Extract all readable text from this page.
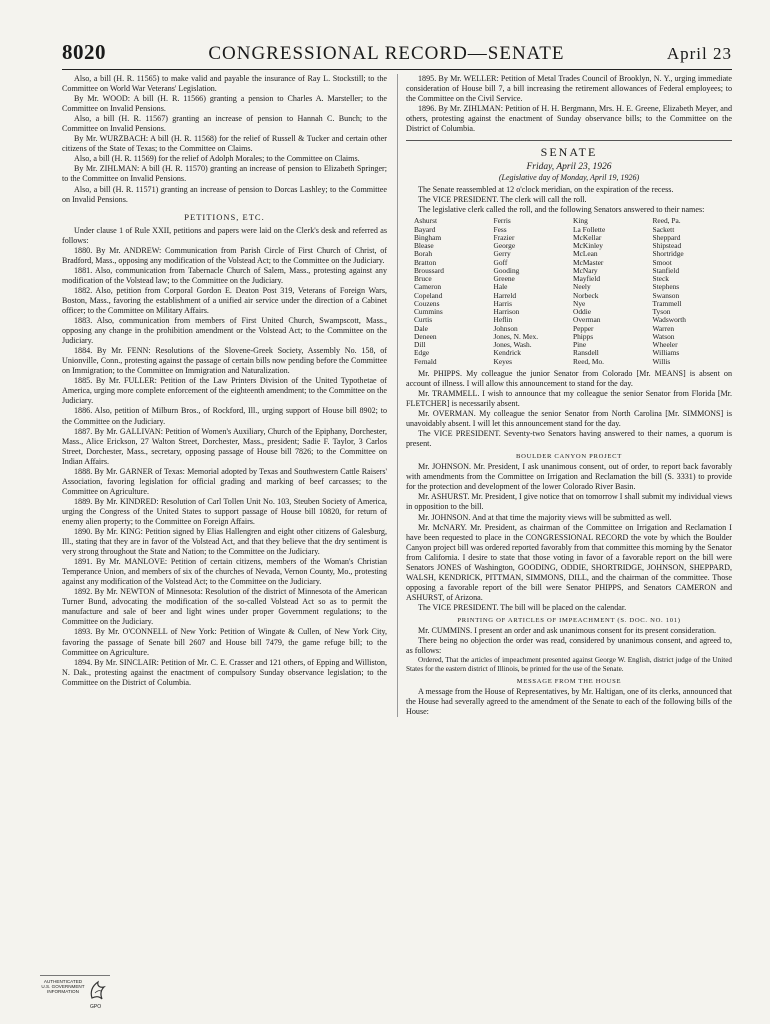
8020	CONGRESSIONAL RECORD—SENATE	April 23

Also, a bill (H. R. 11565) to make valid and payable the insurance of Ray L. Stockstill; to the Committee on World War Veterans' Legislation.

By Mr. WOOD: A bill (H. R. 11566) granting a pension to Charles A. Marsteller; to the Committee on Invalid Pensions.

Also, a bill (H. R. 11567) granting an increase of pension to Hannah C. Bunch; to the Committee on Invalid Pensions.

By Mr. WURZBACH: A bill (H. R. 11568) for the relief of Russell & Tucker and certain other citizens of the State of Texas; to the Committee on Claims.

Also, a bill (H. R. 11569) for the relief of Adolph Morales; to the Committee on Claims.

By Mr. ZIHLMAN: A bill (H. R. 11570) granting an increase of pension to Elizabeth Springer; to the Committee on Invalid Pensions.

Also, a bill (H. R. 11571) granting an increase of pension to Dorcas Lashley; to the Committee on Invalid Pensions.

PETITIONS, ETC.

Under clause 1 of Rule XXII, petitions and papers were laid on the Clerk's desk and referred as follows:

1880. By Mr. ANDREW: Communication from Parish Circle of First Church of Christ, of Bradford, Mass., opposing any modification of the Volstead Act; to the Committee on the Judiciary.

1881. Also, communication from Tabernacle Church of Salem, Mass., protesting against any modification of the Volstead law; to the Committee on the Judiciary.

1882. Also, petition from Corporal Gordon E. Deaton Post 319, Veterans of Foreign Wars, Boston, Mass., favoring the establishment of a unified air service under the direction of a Cabinet officer; to the Committee on Military Affairs.

1883. Also, communication from members of First United Church, Swampscott, Mass., opposing any change in the prohibition amendment or the Volstead Act; to the Committee on the Judiciary.

1884. By Mr. FENN: Resolutions of the Slovene-Greek Society, Assembly No. 158, of Unionville, Conn., protesting against the passage of certain bills now pending before the Committee on Immigration; to the Committee on Immigration and Naturalization.

1885. By Mr. FULLER: Petition of the Law Printers Division of the United Typothetae of America, urging more complete enforcement of the eighteenth amendment; to the Committee on the Judiciary.

1886. Also, petition of Milburn Bros., of Rockford, Ill., urging support of House bill 8902; to the Committee on the Judiciary.

1887. By Mr. GALLIVAN: Petition of Women's Auxiliary, Church of the Epiphany, Dorchester, Mass., Alice Erickson, 27 Walton Street, Dorchester, Mass., president; Sadie F. Taylor, 3 Carlos Street, Dorchester, Mass., secretary, opposing passage of House bill 7826; to the Committee on Indian Affairs.

1888. By Mr. GARNER of Texas: Memorial adopted by Texas and Southwestern Cattle Raisers' Association, favoring legislation for official grading and marking of beef carcasses; to the Committee on Agriculture.

1889. By Mr. KINDRED: Resolution of Carl Tollen Unit No. 103, Steuben Society of America, urging the Congress of the United States to support passage of House bill 10820, for return of enemy alien property; to the Committee on Foreign Affairs.

1890. By Mr. KING: Petition signed by Elias Hallengren and eight other citizens of Galesburg, Ill., stating that they are in favor of the Volstead Act, and that they believe that the dry sentiment is very strong throughout the State and Nation; to the Committee on the Judiciary.

1891. By Mr. MANLOVE: Petition of certain citizens, members of the Woman's Christian Temperance Union, and members of six of the churches of Nevada, Vernon County, Mo., protesting against any modification of the Volstead Act; to the Committee on the Judiciary.

1892. By Mr. NEWTON of Minnesota: Resolution of the district of Minnesota of the American Turner Bund, advocating the modification of the so-called Volstead Act so as to permit the manufacture and sale of beer and light wines under proper Government regulations; to the Committee on the Judiciary.

1893. By Mr. O'CONNELL of New York: Petition of Wingate & Cullen, of New York City, favoring the passage of Senate bill 2607 and House bill 7479, the game refuge bill; to the Committee on Agriculture.

1894. By Mr. SINCLAIR: Petition of Mr. C. E. Crasser and 121 others, of Epping and Williston, N. Dak., protesting against the enactment of compulsory Sunday observance legislation; to the Committee on the District of Columbia.

1895. By Mr. WELLER: Petition of Metal Trades Council of Brooklyn, N. Y., urging immediate consideration of House bill 7, a bill increasing the retirement allowances of Federal employees; to the Committee on the Civil Service.

1896. By Mr. ZIHLMAN: Petition of H. H. Bergmann, Mrs. H. E. Greene, Elizabeth Meyer, and others, protesting against the enactment of Sunday observance bills; to the Committee on the District of Columbia.

SENATE
Friday, April 23, 1926
(Legislative day of Monday, April 19, 1926)

The Senate reassembled at 12 o'clock meridian, on the expiration of the recess.

The VICE PRESIDENT. The clerk will call the roll.

The legislative clerk called the roll, and the following Senators answered to their names:

Ashurst
Bayard
Bingham
Blease
Borah
Bratton
Broussard
Bruce
Cameron
Copeland
Couzens
Cummins
Curtis
Dale
Deneen
Dill
Edge
Fernald
Ferris
Fess
Frazier
George
Gerry
Goff
Gooding
Greene
Hale
Harreld
Harris
Harrison
Heflin
Johnson
Jones, N. Mex.
Jones, Wash.
Kendrick
Keyes
King
La Follette
McKellar
McKinley
McLean
McMaster
McNary
Mayfield
Neely
Norbeck
Nye
Oddie
Overman
Pepper
Phipps
Pine
Ransdell
Reed, Mo.
Reed, Pa.
Sackett
Sheppard
Shipstead
Shortridge
Smoot
Stanfield
Steck
Stephens
Swanson
Trammell
Tyson
Wadsworth
Warren
Watson
Wheeler
Williams
Willis

Mr. PHIPPS. My colleague the junior Senator from Colorado [Mr. MEANS] is absent on account of illness. I will allow this announcement to stand for the day.

Mr. TRAMMELL. I wish to announce that my colleague the senior Senator from Florida [Mr. FLETCHER] is necessarily absent.

Mr. OVERMAN. My colleague the senior Senator from North Carolina [Mr. SIMMONS] is unavoidably absent. I will let this announcement stand for the day.

The VICE PRESIDENT. Seventy-two Senators having answered to their names, a quorum is present.

BOULDER CANYON PROJECT

Mr. JOHNSON. Mr. President, I ask unanimous consent, out of order, to report back favorably with amendments from the Committee on Irrigation and Reclamation the bill (S. 3331) to provide for the protection and development of the lower Colorado River Basin.

Mr. ASHURST. Mr. President, I give notice that on tomorrow I shall submit my individual views in opposition to the bill.

Mr. JOHNSON. And at that time the majority views will be submitted as well.

Mr. McNARY. Mr. President, as chairman of the Committee on Irrigation and Reclamation I have been requested to place in the CONGRESSIONAL RECORD the vote by which the Boulder Canyon project bill was ordered reported favorably from that committee this morning by the Senator from California. I desire to state that those voting in favor of a favorable report on the bill were Senators JONES of Washington, GOODING, ODDIE, SHORTRIDGE, JOHNSON, SHEPPARD, WALSH, KENDRICK, PITTMAN, SIMMONS, DILL, and the chairman of the committee. Those opposing a favorable report of the bill were Senator PHIPPS, and Senators CAMERON and ASHURST, of Arizona.

The VICE PRESIDENT. The bill will be placed on the calendar.

PRINTING OF ARTICLES OF IMPEACHMENT (S. DOC. NO. 101)

Mr. CUMMINS. I present an order and ask unanimous consent for its present consideration.

There being no objection the order was read, considered by unanimous consent, and agreed to, as follows:

Ordered, That the articles of impeachment presented against George W. English, district judge of the United States for the eastern district of Illinois, be printed for the use of the Senate.

MESSAGE FROM THE HOUSE

A message from the House of Representatives, by Mr. Haltigan, one of its clerks, announced that the House had severally agreed to the amendment of the Senate to each of the following bills of the House:

AUTHENTICATED
U.S. GOVERNMENT
INFORMATION
GPO
